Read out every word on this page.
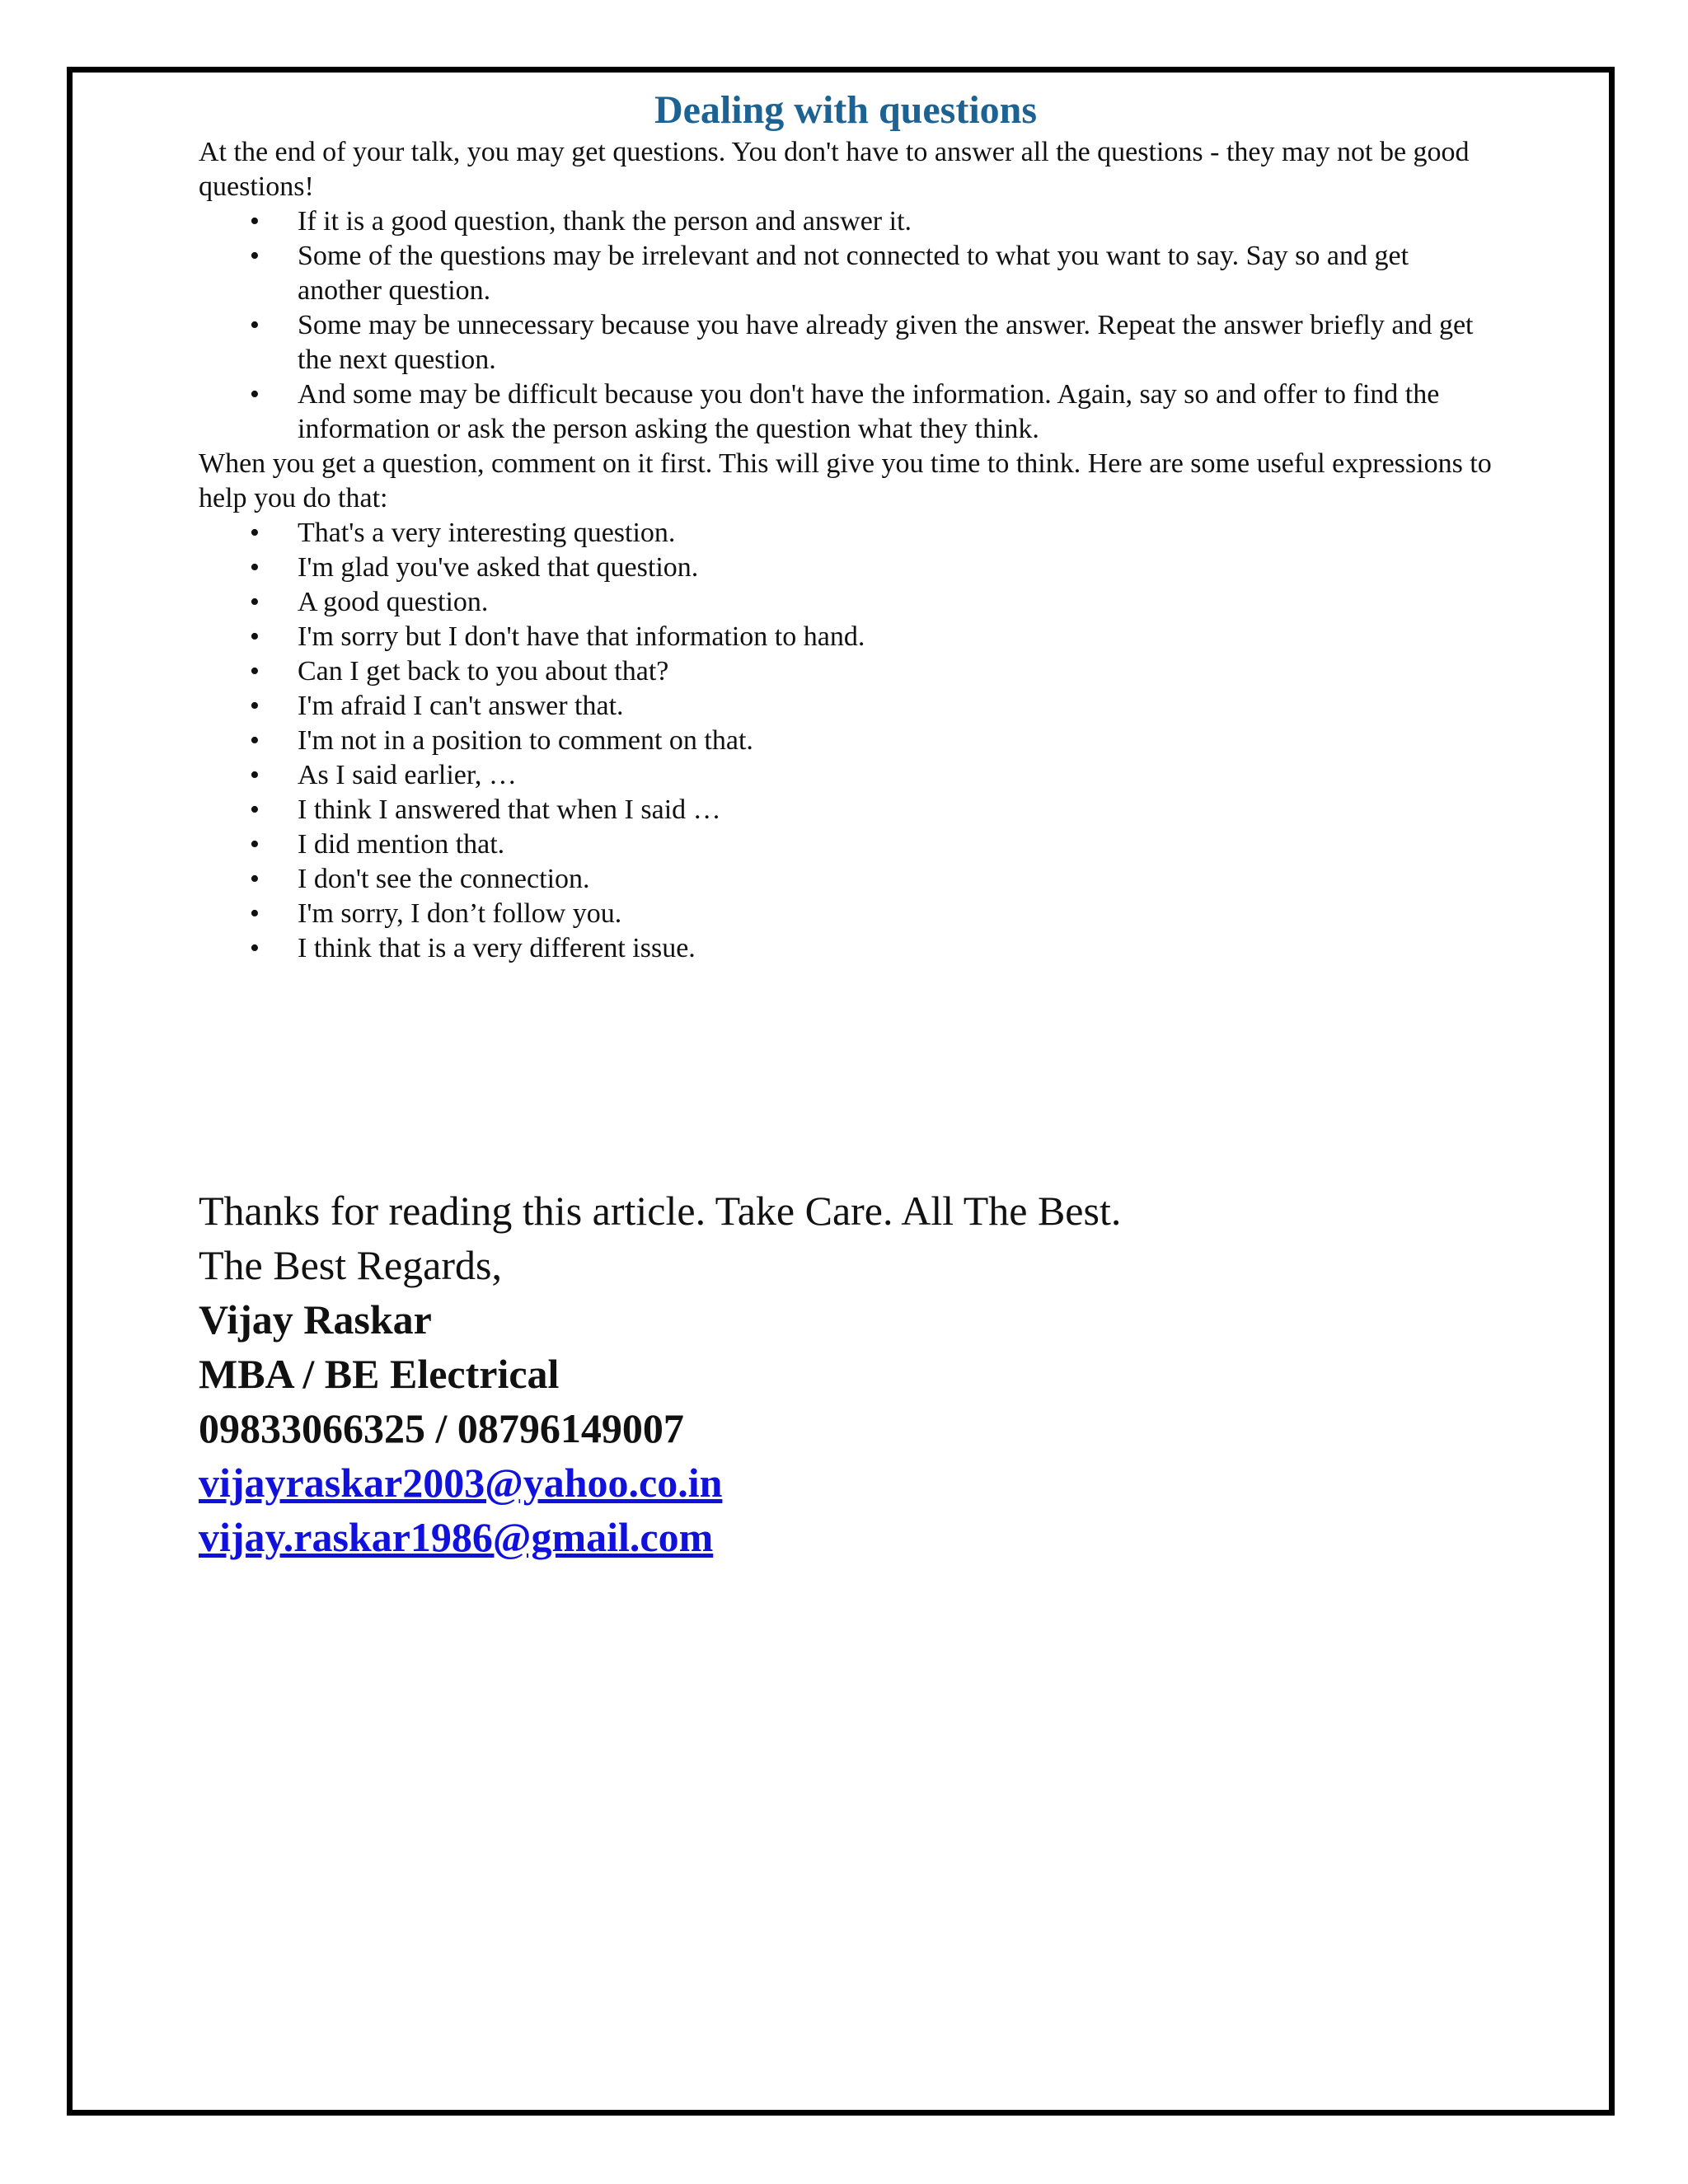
Dealing with questions

At the end of your talk, you may get questions. You don't have to answer all the questions - they may not be good questions!

• If it is a good question, thank the person and answer it.
• Some of the questions may be irrelevant and not connected to what you want to say. Say so and get another question.
• Some may be unnecessary because you have already given the answer. Repeat the answer briefly and get the next question.
• And some may be difficult because you don't have the information. Again, say so and offer to find the information or ask the person asking the question what they think.

When you get a question, comment on it first. This will give you time to think. Here are some useful expressions to help you do that:

• That's a very interesting question.
• I'm glad you've asked that question.
• A good question.
• I'm sorry but I don't have that information to hand.
• Can I get back to you about that?
• I'm afraid I can't answer that.
• I'm not in a position to comment on that.
• As I said earlier, …
• I think I answered that when I said …
• I did mention that.
• I don't see the connection.
• I'm sorry, I don’t follow you.
• I think that is a very different issue.

Thanks for reading this article. Take Care. All The Best.

The Best Regards,

Vijay Raskar

MBA / BE Electrical

09833066325 / 08796149007

vijayraskar2003@yahoo.co.in

vijay.raskar1986@gmail.com
